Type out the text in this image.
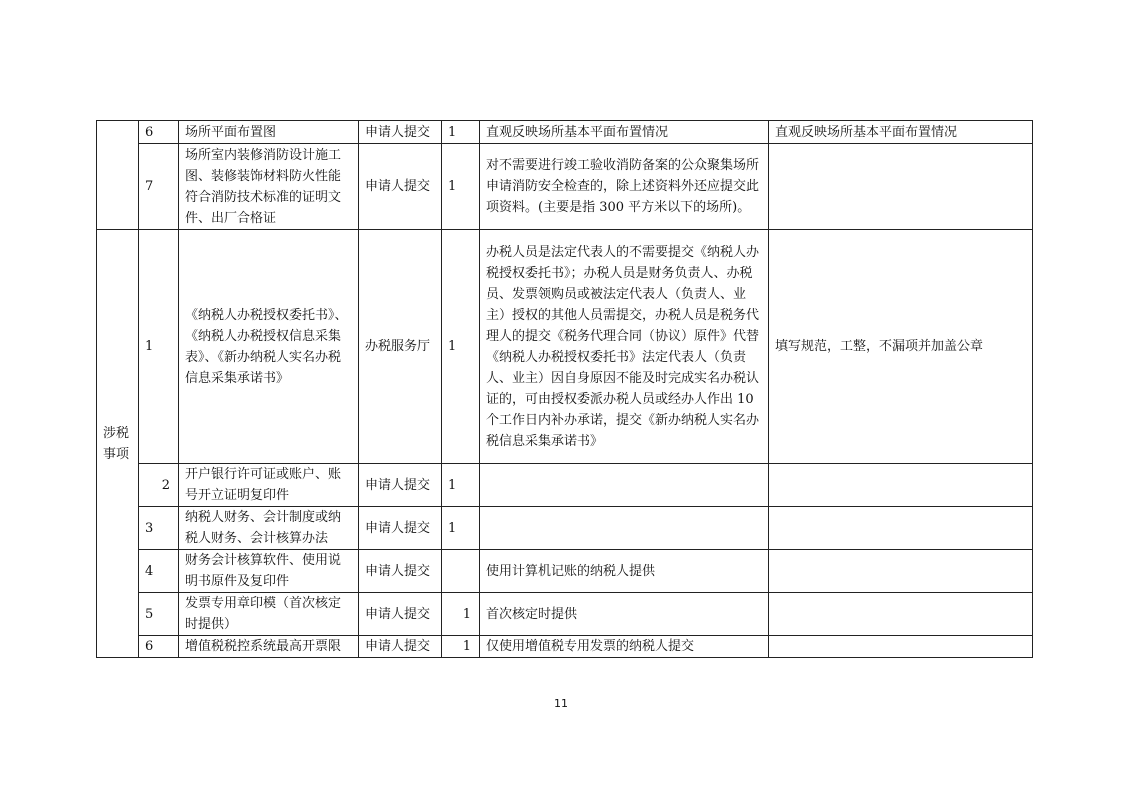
	6	场所平面布置图	申请人提交	1	直观反映场所基本平面布置情况	直观反映场所基本平面布置情况
	7	场所室内装修消防设计施工图、装修装饰材料防火性能符合消防技术标准的证明文件、出厂合格证	申请人提交	1	对不需要进行竣工验收消防备案的公众聚集场所申请消防安全检查的，除上述资料外还应提交此项资料。(主要是指 300 平方米以下的场所)。	
涉税事项	1	《纳税人办税授权委托书》、《纳税人办税授权信息采集表》、《新办纳税人实名办税信息采集承诺书》	办税服务厅	1	办税人员是法定代表人的不需要提交《纳税人办税授权委托书》；办税人员是财务负责人、办税员、发票领购员或被法定代表人（负责人、业主）授权的其他人员需提交，办税人员是税务代理人的提交《税务代理合同（协议）原件》代替《纳税人办税授权委托书》法定代表人（负责人、业主）因自身原因不能及时完成实名办税认证的，可由授权委派办税人员或经办人作出 10 个工作日内补办承诺，提交《新办纳税人实名办税信息采集承诺书》	填写规范，工整，不漏项并加盖公章
	2	开户银行许可证或账户、账号开立证明复印件	申请人提交	1		
	3	纳税人财务、会计制度或纳税人财务、会计核算办法	申请人提交	1		
	4	财务会计核算软件、使用说明书原件及复印件	申请人提交		使用计算机记账的纳税人提供	
	5	发票专用章印模（首次核定时提供）	申请人提交	1	首次核定时提供	
	6	增值税税控系统最高开票限	申请人提交	1	仅使用增值税专用发票的纳税人提交	
11
